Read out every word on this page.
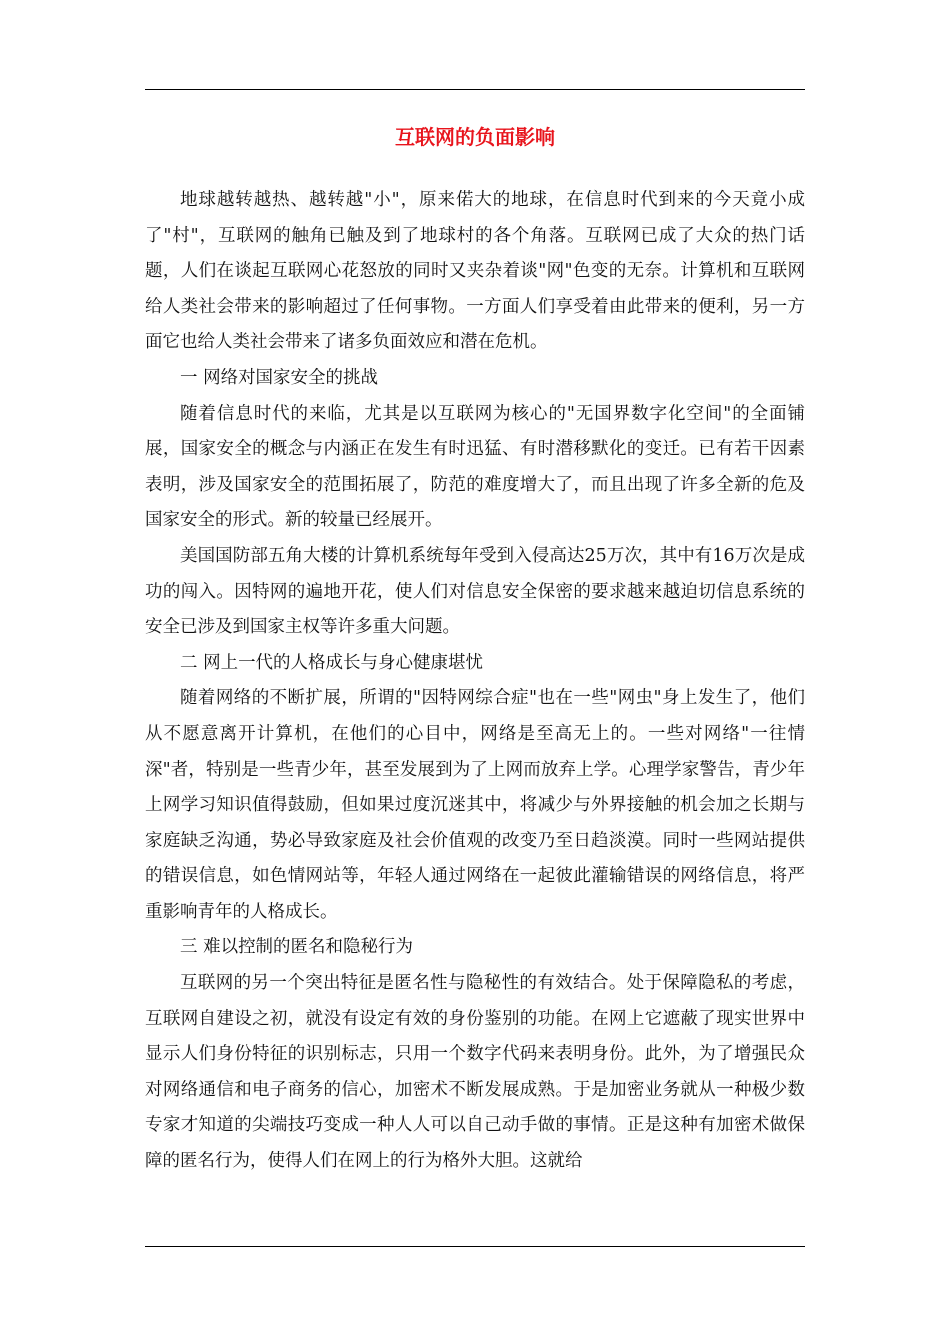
互联网的负面影响

地球越转越热、越转越"小"，原来偌大的地球，在信息时代到来的今天竟小成了"村"，互联网的触角已触及到了地球村的各个角落。互联网已成了大众的热门话题，人们在谈起互联网心花怒放的同时又夹杂着谈"网"色变的无奈。计算机和互联网给人类社会带来的影响超过了任何事物。一方面人们享受着由此带来的便利，另一方面它也给人类社会带来了诸多负面效应和潜在危机。

一 网络对国家安全的挑战

随着信息时代的来临，尤其是以互联网为核心的"无国界数字化空间"的全面铺展，国家安全的概念与内涵正在发生有时迅猛、有时潜移默化的变迁。已有若干因素表明，涉及国家安全的范围拓展了，防范的难度增大了，而且出现了许多全新的危及国家安全的形式。新的较量已经展开。

美国国防部五角大楼的计算机系统每年受到入侵高达25万次，其中有16万次是成功的闯入。因特网的遍地开花，使人们对信息安全保密的要求越来越迫切信息系统的安全已涉及到国家主权等许多重大问题。

二 网上一代的人格成长与身心健康堪忧

随着网络的不断扩展，所谓的"因特网综合症"也在一些"网虫"身上发生了，他们从不愿意离开计算机，在他们的心目中，网络是至高无上的。一些对网络"一往情深"者，特别是一些青少年，甚至发展到为了上网而放弃上学。心理学家警告，青少年上网学习知识值得鼓励，但如果过度沉迷其中，将减少与外界接触的机会加之长期与家庭缺乏沟通，势必导致家庭及社会价值观的改变乃至日趋淡漠。同时一些网站提供的错误信息，如色情网站等，年轻人通过网络在一起彼此灌输错误的网络信息，将严重影响青年的人格成长。

三 难以控制的匿名和隐秘行为

互联网的另一个突出特征是匿名性与隐秘性的有效结合。处于保障隐私的考虑，互联网自建设之初，就没有设定有效的身份鉴别的功能。在网上它遮蔽了现实世界中显示人们身份特征的识别标志，只用一个数字代码来表明身份。此外，为了增强民众对网络通信和电子商务的信心，加密术不断发展成熟。于是加密业务就从一种极少数专家才知道的尖端技巧变成一种人人可以自己动手做的事情。正是这种有加密术做保障的匿名行为，使得人们在网上的行为格外大胆。这就给
